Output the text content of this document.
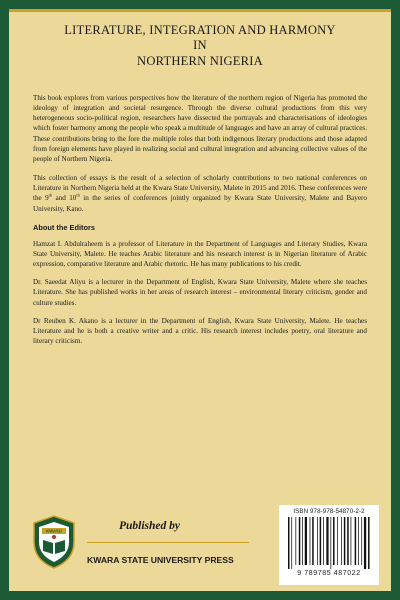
LITERATURE, INTEGRATION AND HARMONY
IN
NORTHERN NIGERIA

This book explores from various perspectives how the literature of the northern region of Nigeria has promoted the ideology of integration and societal resurgence. Through the diverse cultural productions from this very heterogeneous socio-political region, researchers have dissected the portrayals and characterisations of ideologies which foster harmony among the people who speak a multitude of languages and have an array of cultural practices. These contributions bring to the fore the multiple roles that both indigenous literary productions and those adapted from foreign elements have played in realizing social and cultural integration and advancing collective values of the people of Northern Nigeria.

This collection of essays is the result of a selection of scholarly contributions to two national conferences on Literature in Northern Nigeria held at the Kwara State University, Malete in 2015 and 2016. These conferences were the 9th and 10th in the series of conferences jointly organized by Kwara State University, Malete and Bayero University, Kano.

About the Editors

Hamzat I. Abdulraheem is a professor of Literature in the Department of Languages and Literary Studies, Kwara State University, Malete. He teaches Arabic literature and his research interest is in Nigerian literature of Arabic expression, comparative literature and Arabic rhetoric. He has many publications to his credit.

Dr. Saeedat Aliyu is a lecturer in the Department of English, Kwara State University, Malete where she teaches Literature. She has published works in her areas of research interest – environmental literary criticism, gender and culture studies.

Dr Reuben K. Akano is a lecturer in the Department of English, Kwara State University, Malete. He teaches Literature and he is both a creative writer and a critic. His research interest includes poetry, oral literature and literary criticism.

KWASU	Published by
KWARA STATE UNIVERSITY PRESS
ISBN 978-978-54870-2-2
9 789785 487022
